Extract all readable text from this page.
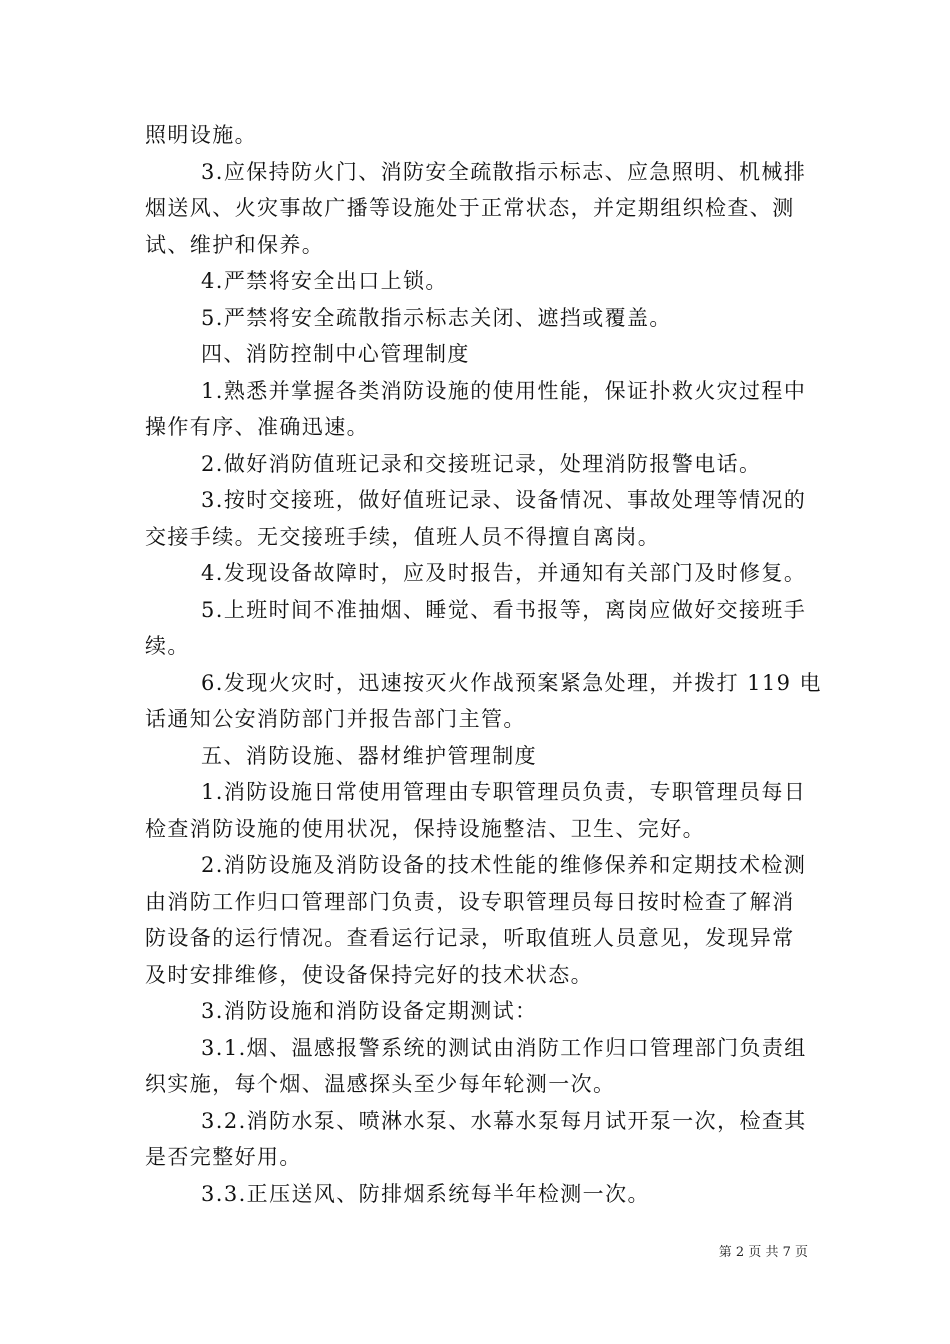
照明设施。
3.应保持防火门、消防安全疏散指示标志、应急照明、机械排
烟送风、火灾事故广播等设施处于正常状态，并定期组织检查、测
试、维护和保养。
4.严禁将安全出口上锁。
5.严禁将安全疏散指示标志关闭、遮挡或覆盖。
四、消防控制中心管理制度
1.熟悉并掌握各类消防设施的使用性能，保证扑救火灾过程中
操作有序、准确迅速。
2.做好消防值班记录和交接班记录，处理消防报警电话。
3.按时交接班，做好值班记录、设备情况、事故处理等情况的
交接手续。无交接班手续，值班人员不得擅自离岗。
4.发现设备故障时，应及时报告，并通知有关部门及时修复。
5.上班时间不准抽烟、睡觉、看书报等，离岗应做好交接班手
续。
6.发现火灾时，迅速按灭火作战预案紧急处理，并拨打 119 电
话通知公安消防部门并报告部门主管。
五、消防设施、器材维护管理制度
1.消防设施日常使用管理由专职管理员负责，专职管理员每日
检查消防设施的使用状况，保持设施整洁、卫生、完好。
2.消防设施及消防设备的技术性能的维修保养和定期技术检测
由消防工作归口管理部门负责，设专职管理员每日按时检查了解消
防设备的运行情况。查看运行记录，听取值班人员意见，发现异常
及时安排维修，使设备保持完好的技术状态。
3.消防设施和消防设备定期测试：
3.1.烟、温感报警系统的测试由消防工作归口管理部门负责组
织实施，每个烟、温感探头至少每年轮测一次。
3.2.消防水泵、喷淋水泵、水幕水泵每月试开泵一次，检查其
是否完整好用。
3.3.正压送风、防排烟系统每半年检测一次。
第 2 页 共 7 页
